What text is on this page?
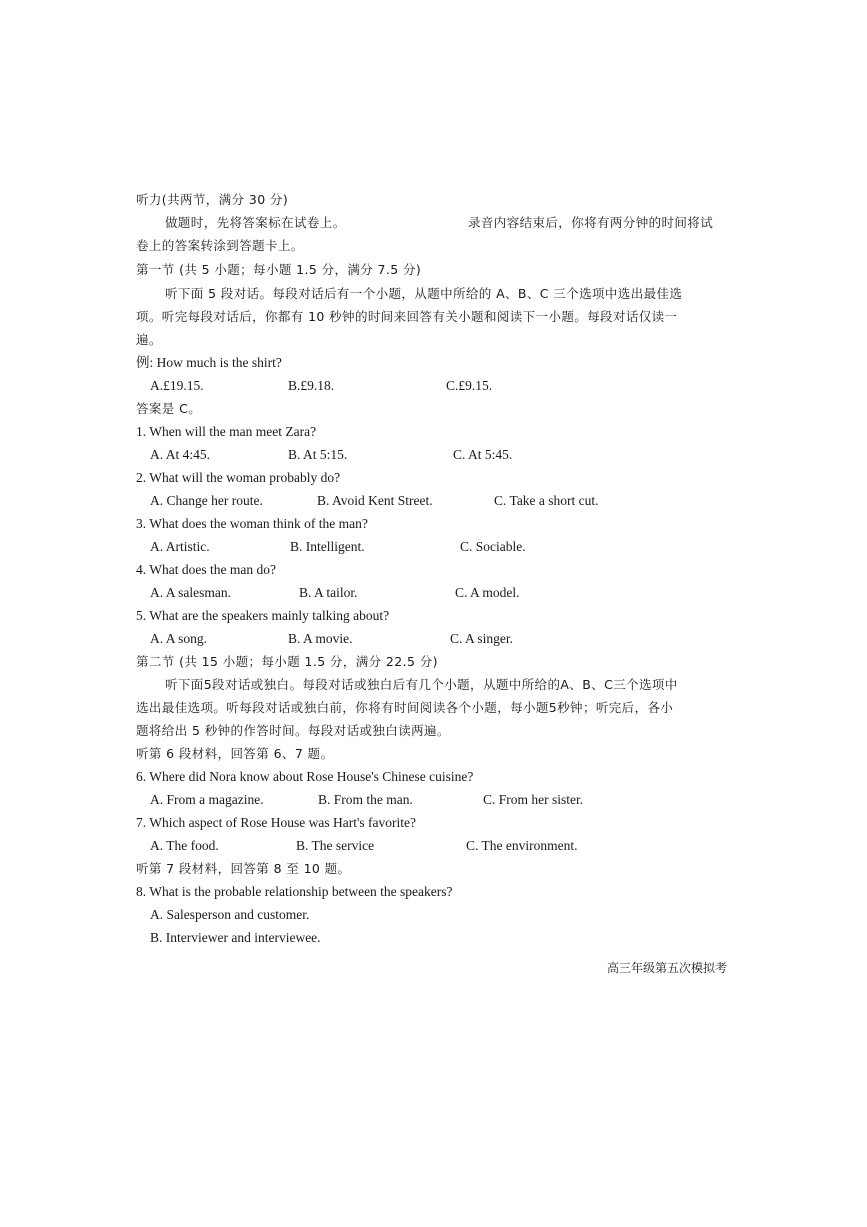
听力(共两节，满分 30 分)
做题时，先将答案标在试卷上。	录音内容结束后，你将有两分钟的时间将试
卷上的答案转涂到答题卡上。
第一节 (共 5 小题；每小题 1.5 分，满分 7.5 分)
听下面 5 段对话。每段对话后有一个小题，从题中所给的 A、B、C 三个选项中选出最佳选
项。听完每段对话后，你都有 10 秒钟的时间来回答有关小题和阅读下一小题。每段对话仅读一
遍。
例: How much is the shirt?
A.£19.15.	B.£9.18.	C.£9.15.
答案是 C。
1. When will the man meet Zara?
A. At 4:45.	B. At 5:15.	C. At 5:45.
2. What will the woman probably do?
A. Change her route.	B. Avoid Kent Street.	C. Take a short cut.
3. What does the woman think of the man?
A. Artistic.	B. Intelligent.	C. Sociable.
4. What does the man do?
A. A salesman.	B. A tailor.	C. A model.
5. What are the speakers mainly talking about?
A. A song.	B. A movie.	C. A singer.
第二节 (共 15 小题；每小题 1.5 分，满分 22.5 分)
听下面5段对话或独白。每段对话或独白后有几个小题，从题中所给的A、B、C三个选项中
选出最佳选项。听每段对话或独白前，你将有时间阅读各个小题，每小题5秒钟；听完后，各小
题将给出 5 秒钟的作答时间。每段对话或独白读两遍。
听第 6 段材料，回答第 6、7 题。
6. Where did Nora know about Rose House's Chinese cuisine?
A. From a magazine.	B. From the man.	C. From her sister.
7. Which aspect of Rose House was Hart's favorite?
A. The food.	B. The service	C. The environment.
听第 7 段材料，回答第 8 至 10 题。
8. What is the probable relationship between the speakers?
A. Salesperson and customer.
B. Interviewer and interviewee.
高三年级第五次模拟考
